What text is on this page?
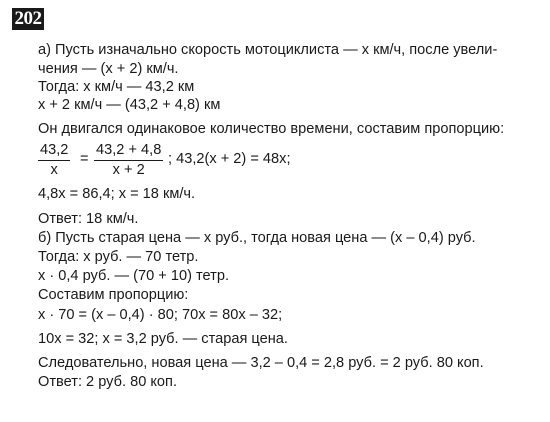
202
а) Пусть изначально скорость мотоциклиста — x км/ч, после увели-
чения — (x + 2) км/ч.
Тогда: x км/ч — 43,2 км
x + 2 км/ч — (43,2 + 4,8) км
Он двигался одинаковое количество времени, составим пропорцию:
$\frac{43,2}{x} = \frac{43,2 + 4,8}{x + 2}$ ; 43,2(x + 2) = 48x;
4,8x = 86,4; x = 18 км/ч.
Ответ: 18 км/ч.
б) Пусть старая цена — x руб., тогда новая цена — (x – 0,4) руб.
Тогда: x руб. — 70 тетр.
x · 0,4 руб. — (70 + 10) тетр.
Составим пропорцию:
x · 70 = (x – 0,4) · 80; 70x = 80x – 32;
10x = 32; x = 3,2 руб. — старая цена.
Следовательно, новая цена — 3,2 – 0,4 = 2,8 руб. = 2 руб. 80 коп.
Ответ: 2 руб. 80 коп.
